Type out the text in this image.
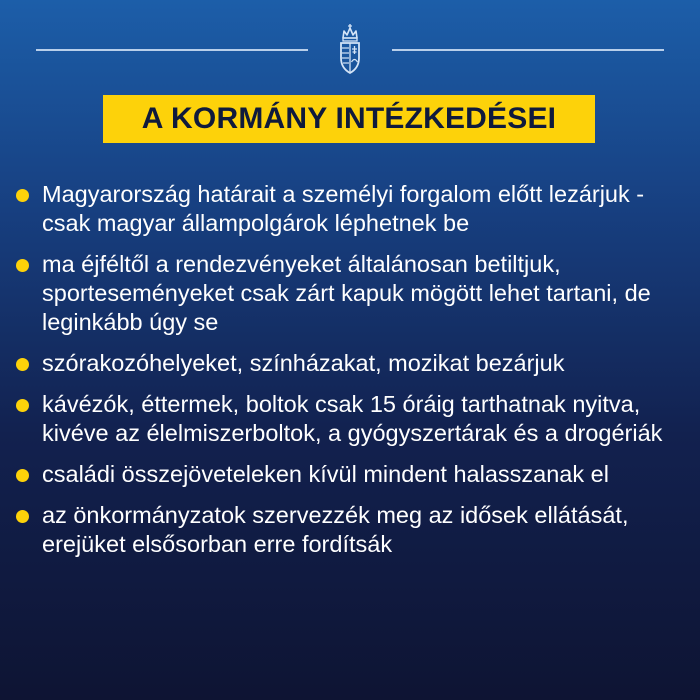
A KORMÁNY INTÉZKEDÉSEI
Magyarország határait a személyi forgalom előtt lezárjuk - csak magyar állampolgárok léphetnek be
ma éjféltől a rendezvényeket általánosan betiltjuk, sporteseményeket csak zárt kapuk mögött lehet tartani, de leginkább úgy se
szórakozóhelyeket, színházakat, mozikat bezárjuk
kávézók, éttermek, boltok csak 15 óráig tarthatnak nyitva, kivéve az élelmiszerboltok, a gyógyszertárak és a drogériák
családi összejöveteleken kívül mindent halasszanak el
az önkormányzatok szervezzék meg az idősek ellátását, erejüket elsősorban erre fordítsák
